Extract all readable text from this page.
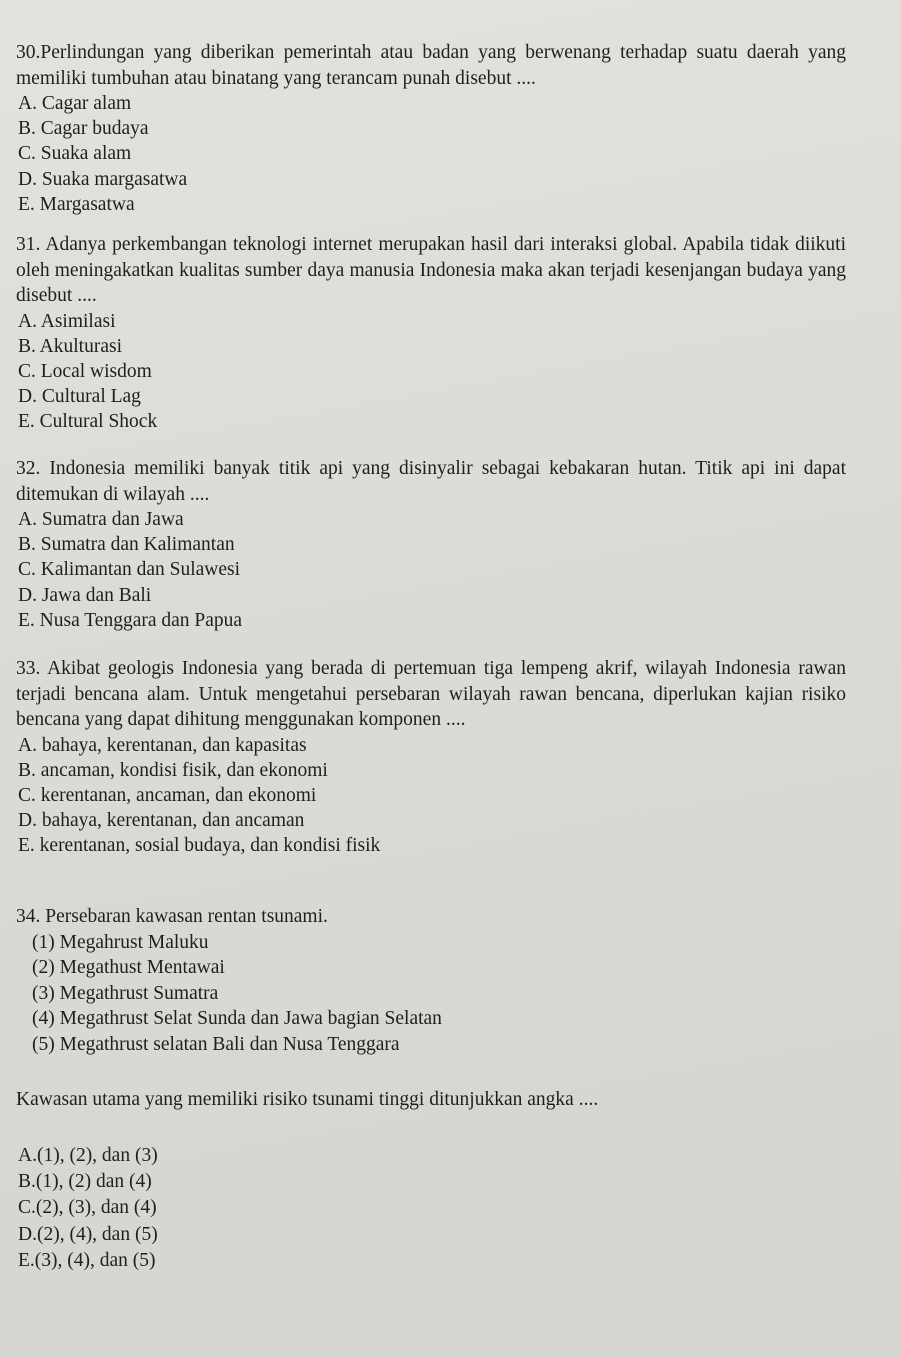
30.Perlindungan yang diberikan pemerintah atau badan yang berwenang terhadap suatu daerah yang memiliki tumbuhan atau binatang yang terancam punah disebut ....

A. Cagar alam

B. Cagar budaya

C. Suaka alam

D. Suaka margasatwa

E. Margasatwa

31. Adanya perkembangan teknologi internet merupakan hasil dari interaksi global. Apabila tidak diikuti oleh meningakatkan kualitas sumber daya manusia Indonesia maka akan terjadi kesenjangan budaya yang disebut ....

A. Asimilasi

B. Akulturasi

C. Local wisdom

D. Cultural Lag

E. Cultural Shock

32. Indonesia memiliki banyak titik api yang disinyalir sebagai kebakaran hutan. Titik api ini dapat ditemukan di wilayah ....

A. Sumatra dan Jawa

B. Sumatra dan Kalimantan

C. Kalimantan dan Sulawesi

D. Jawa dan Bali

E. Nusa Tenggara dan Papua

33. Akibat geologis Indonesia yang berada di pertemuan tiga lempeng akrif, wilayah Indonesia rawan terjadi bencana alam. Untuk mengetahui persebaran wilayah rawan bencana, diperlukan kajian risiko bencana yang dapat dihitung menggunakan komponen ....

A. bahaya, kerentanan, dan kapasitas

B. ancaman, kondisi fisik, dan ekonomi

C. kerentanan, ancaman, dan ekonomi

D. bahaya, kerentanan, dan ancaman

E. kerentanan, sosial budaya, dan kondisi fisik

34. Persebaran kawasan rentan tsunami.

(1) Megahrust Maluku

(2) Megathust Mentawai

(3) Megathrust Sumatra

(4) Megathrust Selat Sunda dan Jawa bagian Selatan

(5) Megathrust selatan Bali dan Nusa Tenggara

Kawasan utama yang memiliki risiko tsunami tinggi ditunjukkan angka ....

A.(1), (2), dan (3)

B.(1), (2) dan (4)

C.(2), (3), dan (4)

D.(2), (4), dan (5)

E.(3), (4), dan (5)
